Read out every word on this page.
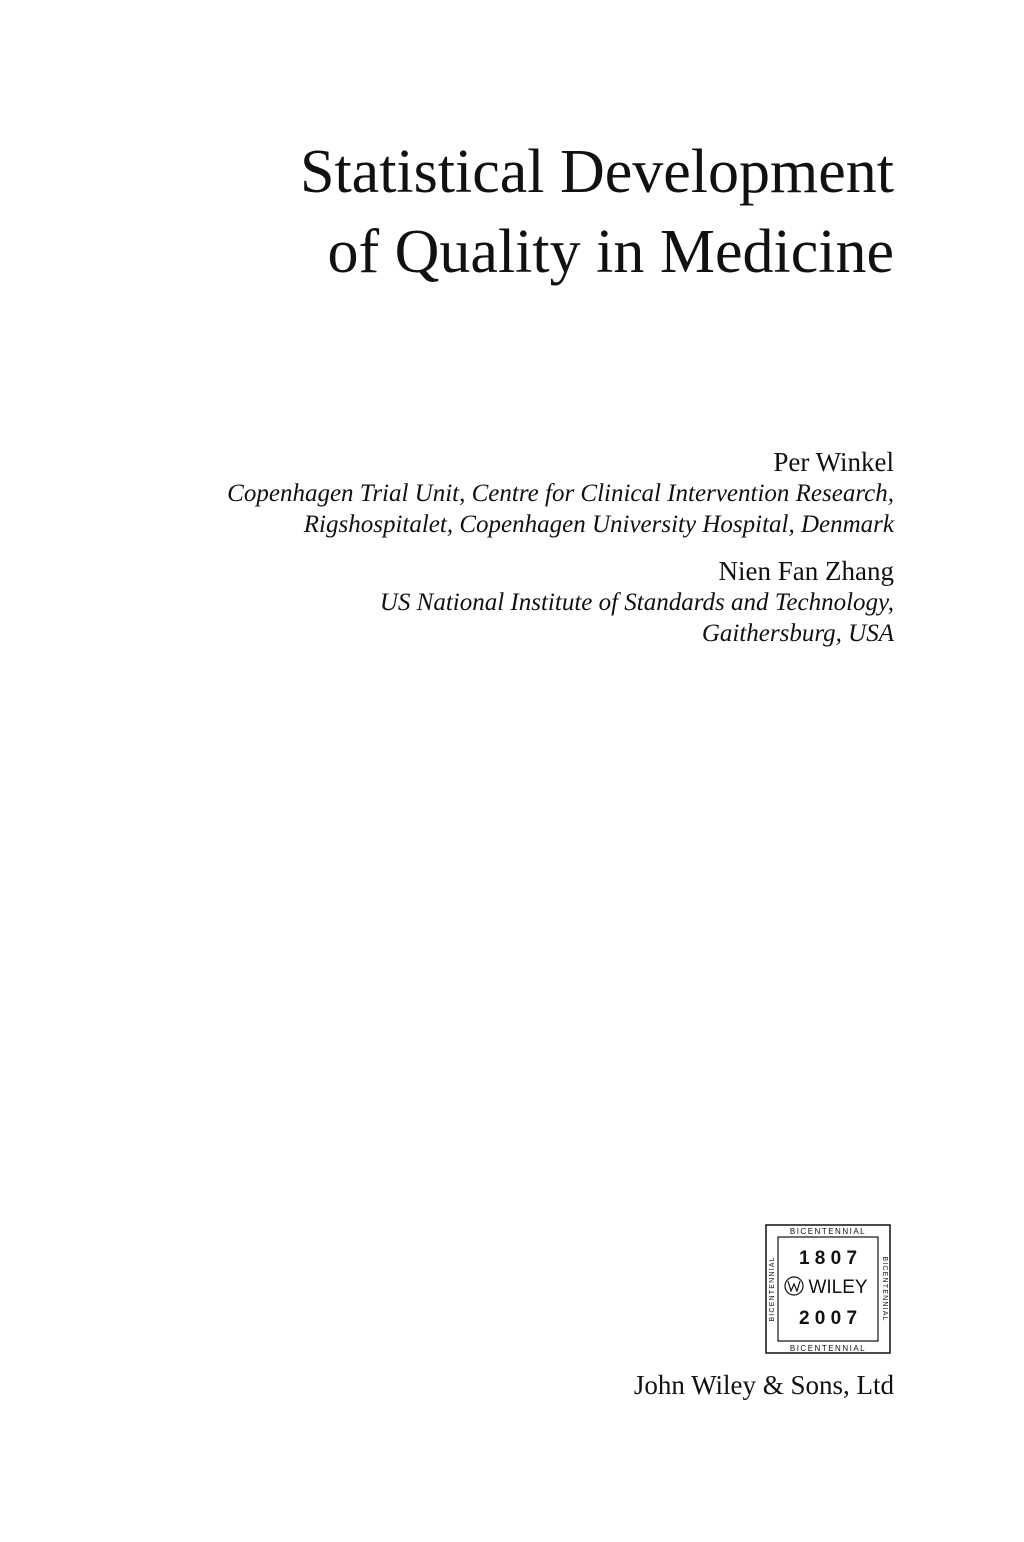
Statistical Development

of Quality in Medicine

Per Winkel

Copenhagen Trial Unit, Centre for Clinical Intervention Research,

Rigshospitalet, Copenhagen University Hospital, Denmark

Nien Fan Zhang

US National Institute of Standards and Technology,

Gaithersburg, USA

BICENTENNIAL
BICENTENNIAL
BICENTENNIAL	BICENTENNIAL
1 8 0 7
WILEY
2 0 0 7
John Wiley & Sons, Ltd
